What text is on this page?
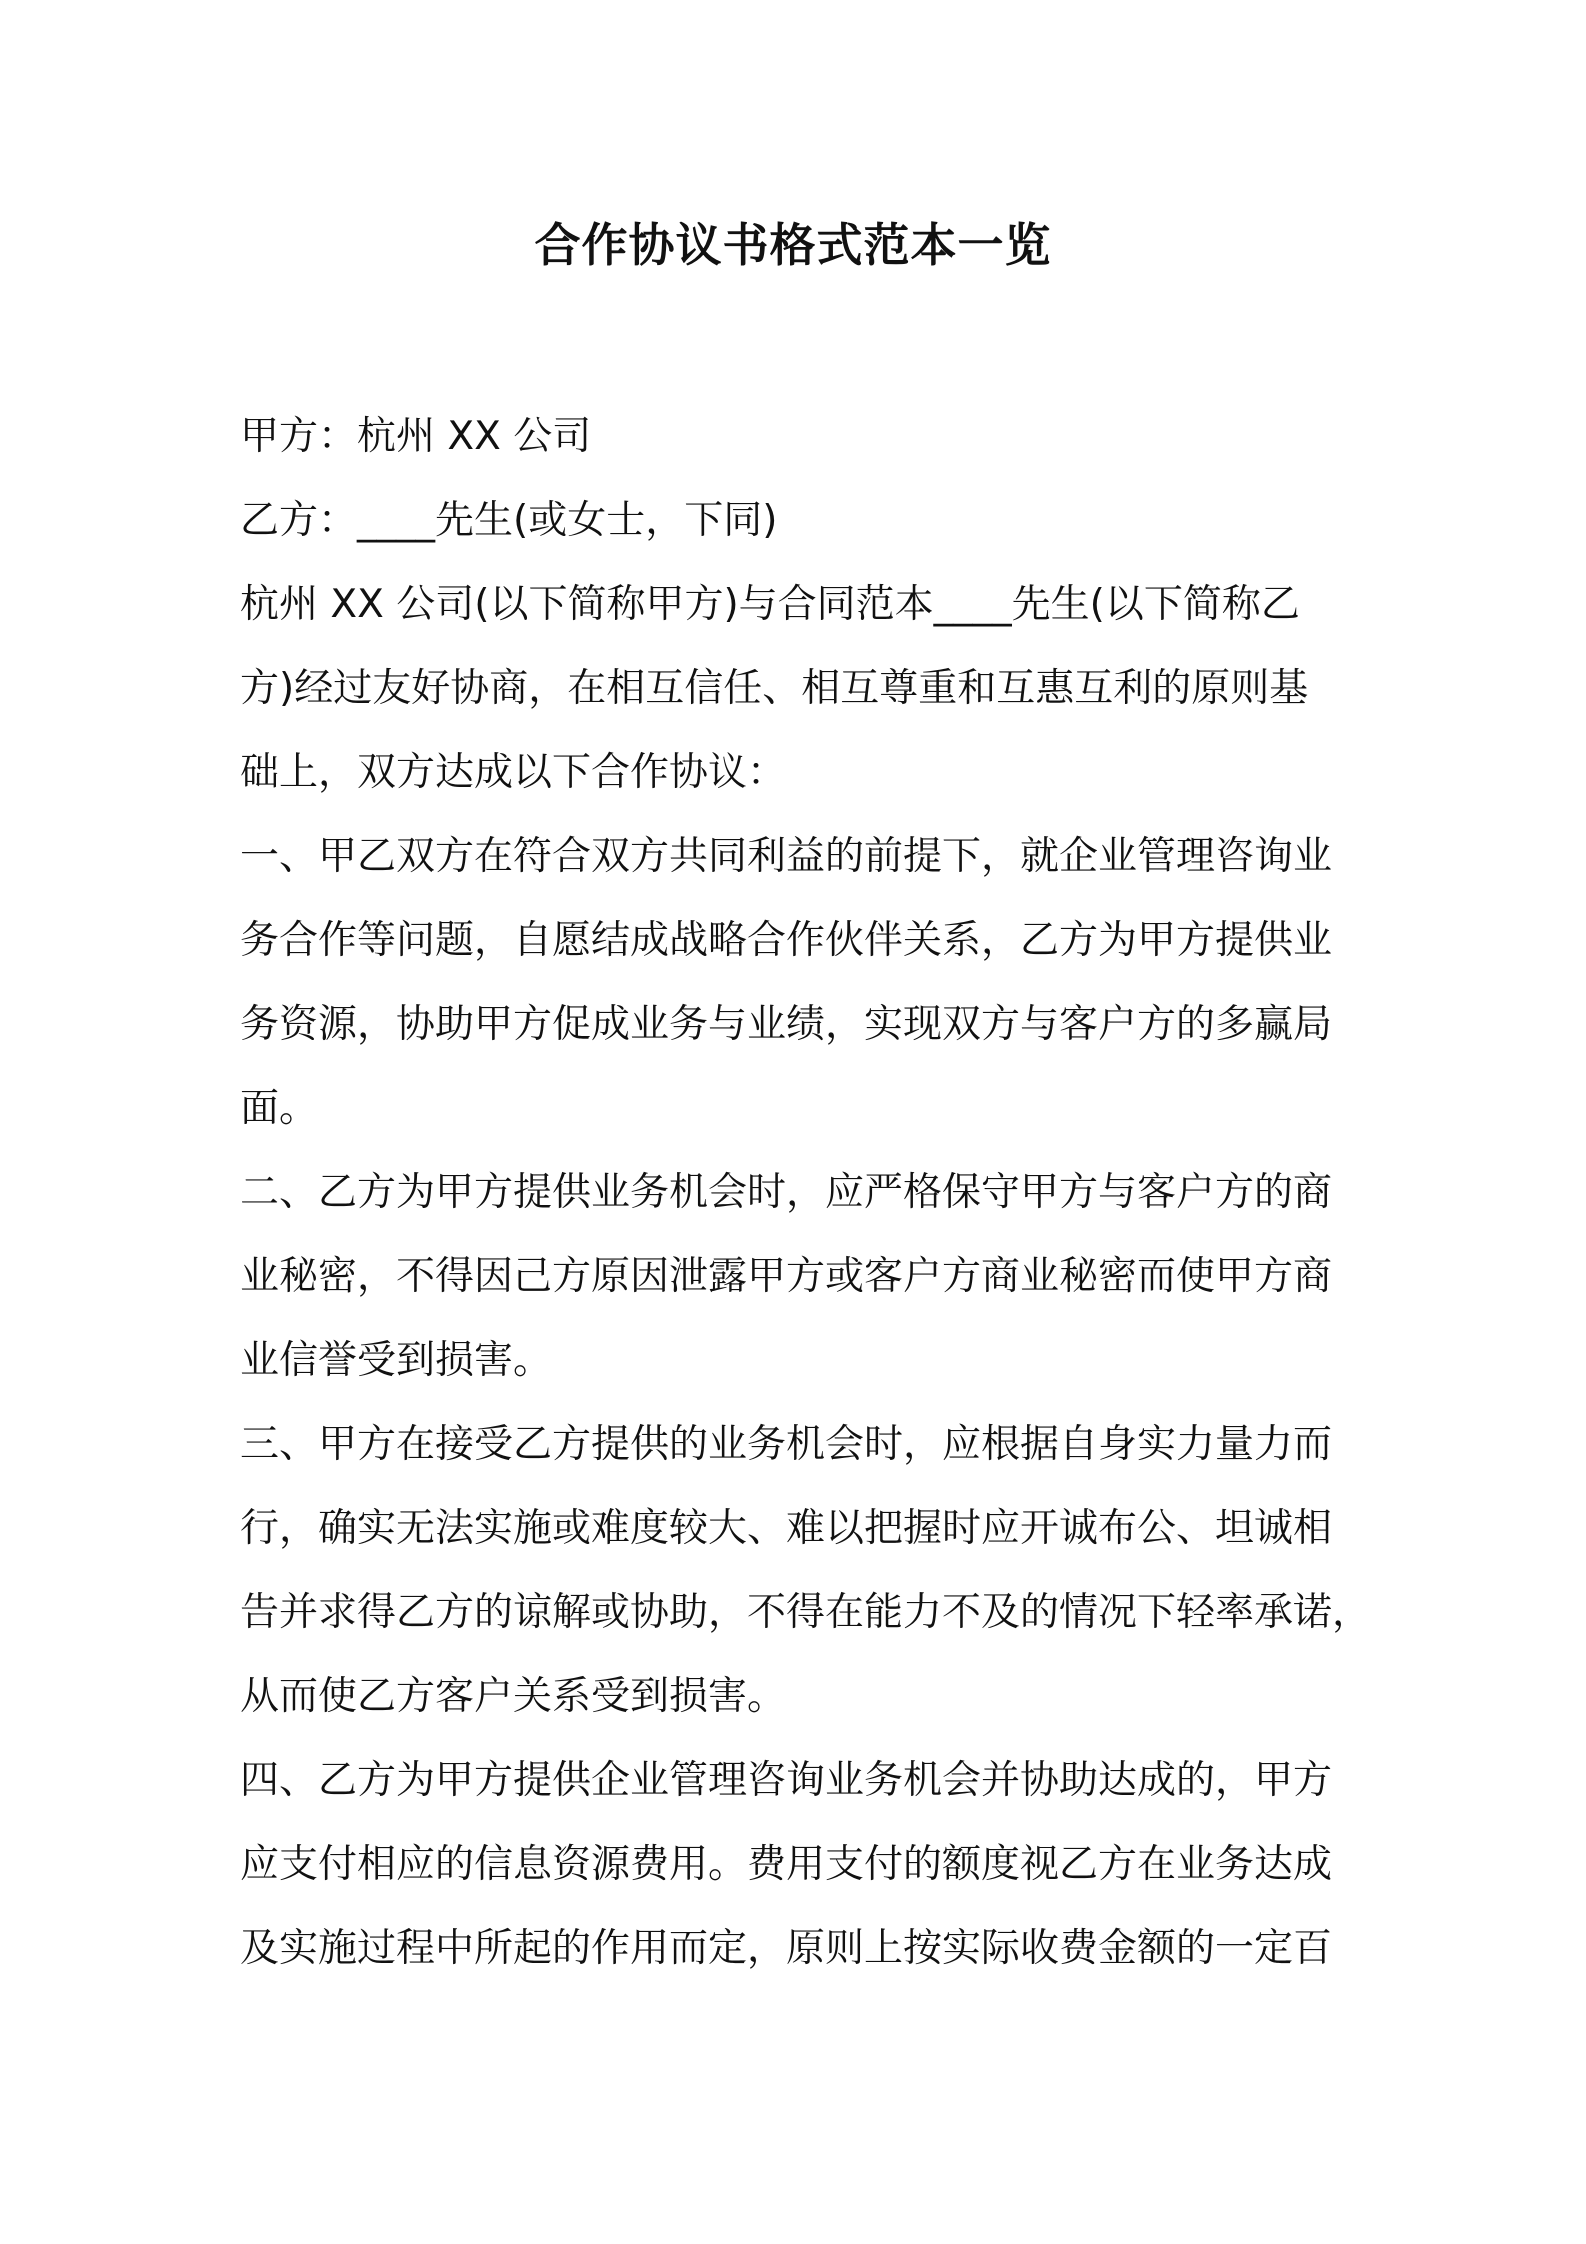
合作协议书格式范本一览

甲方：杭州 XX 公司

乙方：____先生(或女士，下同)

杭州 XX 公司(以下简称甲方)与合同范本____先生(以下简称乙

方)经过友好协商，在相互信任、相互尊重和互惠互利的原则基

础上，双方达成以下合作协议：

一、甲乙双方在符合双方共同利益的前提下，就企业管理咨询业

务合作等问题，自愿结成战略合作伙伴关系，乙方为甲方提供业

务资源，协助甲方促成业务与业绩，实现双方与客户方的多赢局

面。

二、乙方为甲方提供业务机会时，应严格保守甲方与客户方的商

业秘密，不得因己方原因泄露甲方或客户方商业秘密而使甲方商

业信誉受到损害。

三、甲方在接受乙方提供的业务机会时，应根据自身实力量力而

行，确实无法实施或难度较大、难以把握时应开诚布公、坦诚相

告并求得乙方的谅解或协助，不得在能力不及的情况下轻率承诺，

从而使乙方客户关系受到损害。

四、乙方为甲方提供企业管理咨询业务机会并协助达成的，甲方

应支付相应的信息资源费用。费用支付的额度视乙方在业务达成

及实施过程中所起的作用而定，原则上按实际收费金额的一定百
